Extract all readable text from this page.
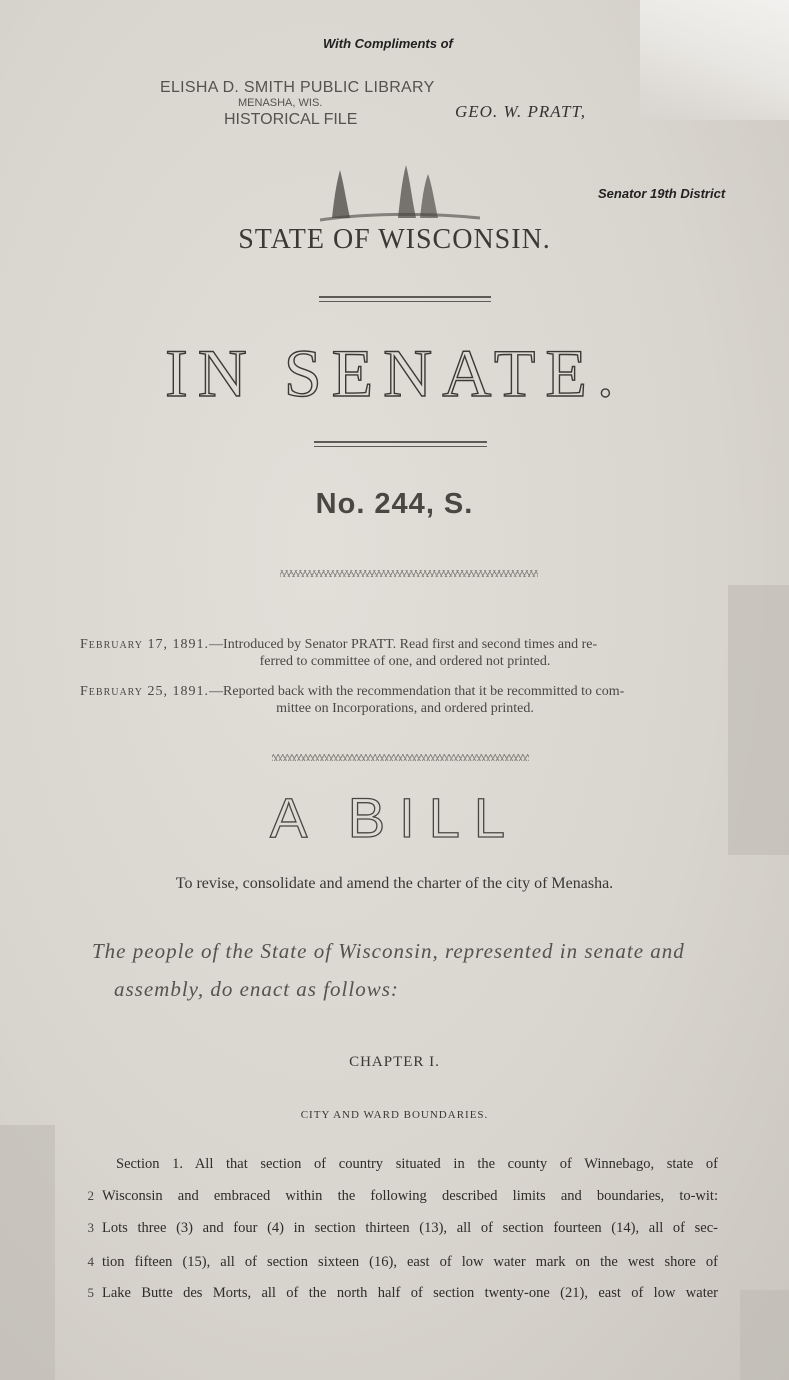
With Compliments of
ELISHA D. SMITH PUBLIC LIBRARY
MENASHA, WIS.
HISTORICAL FILE	GEO. W. PRATT,
Senator 19th District
STATE OF WISCONSIN.
IN SENATE.
No. 244, S.
February 17, 1891.—Introduced by Senator PRATT. Read first and second times and re-
ferred to committee of one, and ordered not printed.
February 25, 1891.—Reported back with the recommendation that it be recommitted to com-
mittee on Incorporations, and ordered printed.
A BILL
To revise, consolidate and amend the charter of the city of Menasha.
The people of the State of Wisconsin, represented in senate and
assembly, do enact as follows:
CHAPTER I.
CITY AND WARD BOUNDARIES.
Section 1. All that section of country situated in the county of Winnebago, state of
2 Wisconsin and embraced within the following described limits and boundaries, to-wit:
3 Lots three (3) and four (4) in section thirteen (13), all of section fourteen (14), all of sec-
4 tion fifteen (15), all of section sixteen (16), east of low water mark on the west shore of
5 Lake Butte des Morts, all of the north half of section twenty-one (21), east of low water
